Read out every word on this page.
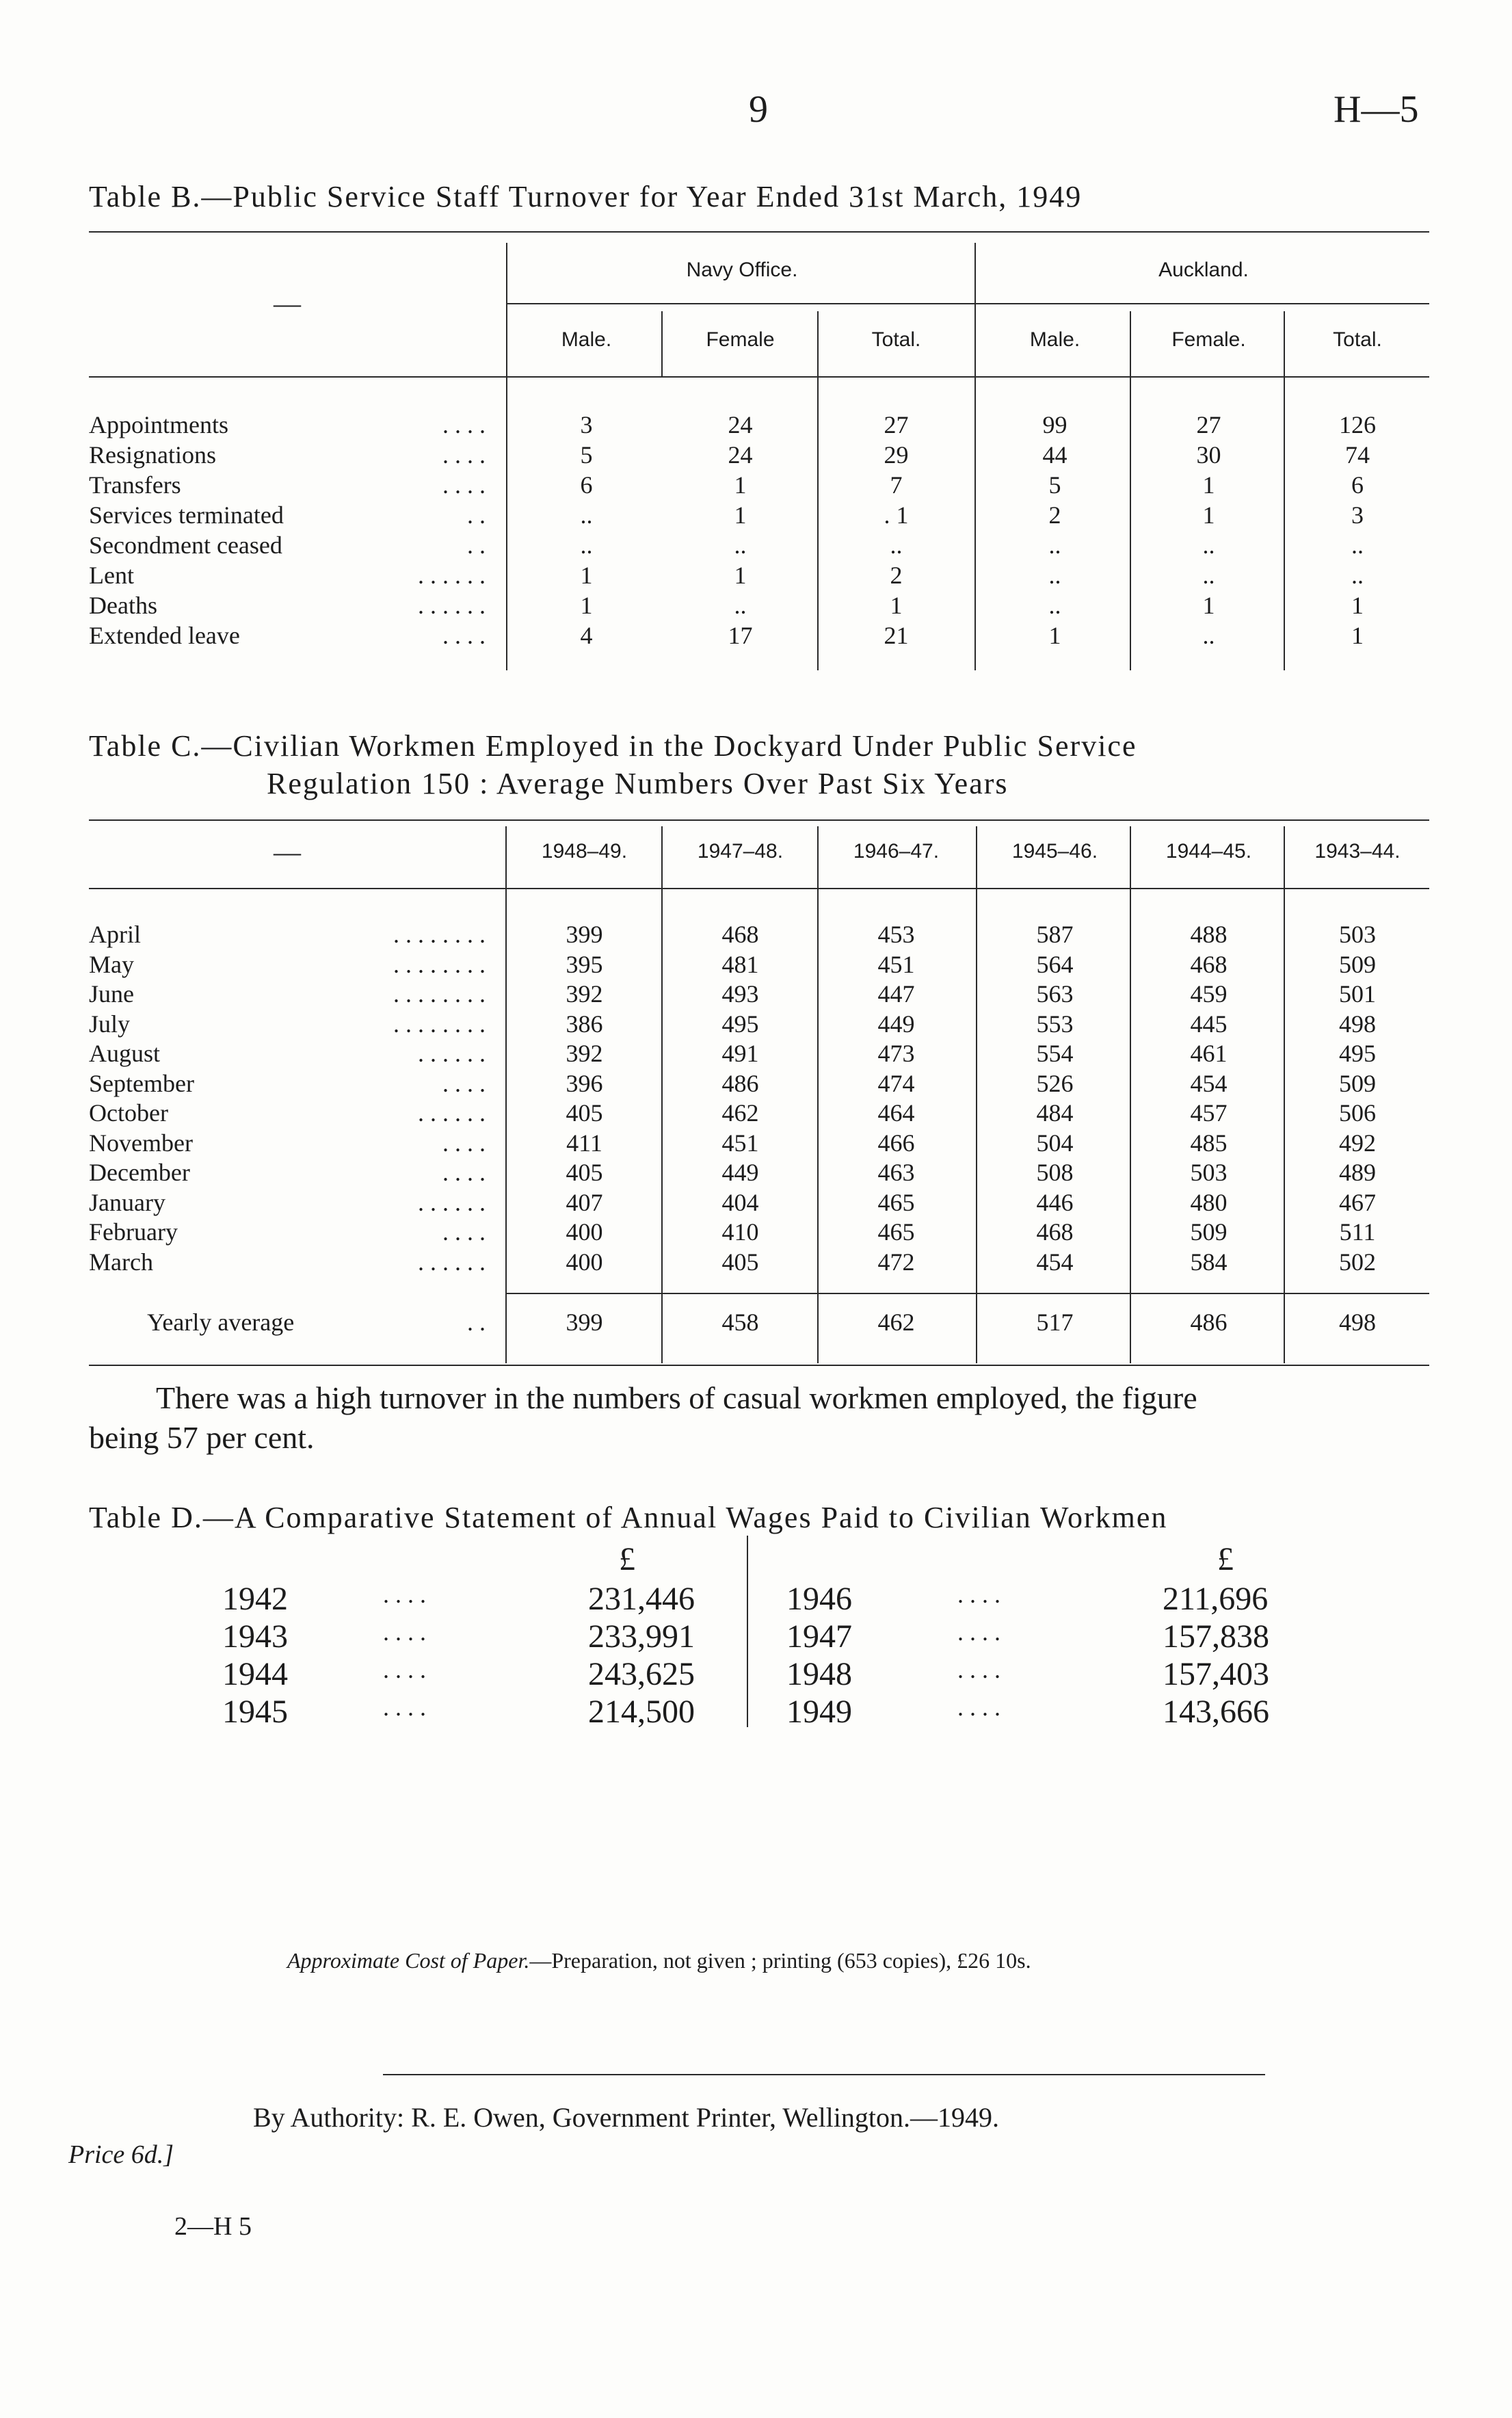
9	H—5
Table B.—Public Service Staff Turnover for Year Ended 31st March, 1949
—
Navy Office.	Auckland.
Male.	Female	Total.	Male.	Female.	Total.
Appointments	. . . .	3	24	27	99	27	126
Resignations	. . . .	5	24	29	44	30	74
Transfers	. . . .	6	1	7	5	1	6
Services terminated	. .	..	1	. 1	2	1	3
Secondment ceased	. .	..	..	..	..	..	..
Lent	. . . . . .	1	1	2	..	..	..
Deaths	. . . . . .	1	..	1	..	1	1
Extended leave	. . . .	4	17	21	1	..	1
Table C.—Civilian Workmen Employed in the Dockyard Under Public Service
Regulation 150 : Average Numbers Over Past Six Years
—	1948–49.	1947–48.	1946–47.	1945–46.	1944–45.	1943–44.
April	. . . . . . . .	399	468	453	587	488	503
May	. . . . . . . .	395	481	451	564	468	509
June	. . . . . . . .	392	493	447	563	459	501
July	. . . . . . . .	386	495	449	553	445	498
August	. . . . . .	392	491	473	554	461	495
September	. . . .	396	486	474	526	454	509
October	. . . . . .	405	462	464	484	457	506
November	. . . .	411	451	466	504	485	492
December	. . . .	405	449	463	508	503	489
January	. . . . . .	407	404	465	446	480	467
February	. . . .	400	410	465	468	509	511
March	. . . . . .	400	405	472	454	584	502
Yearly average	. .	399	458	462	517	486	498
There was a high turnover in the numbers of casual workmen employed, the figure
being 57 per cent.
Table D.—A Comparative Statement of Annual Wages Paid to Civilian Workmen
£	£
1942	. . . .	231,446
1943	. . . .	233,991
1944	. . . .	243,625
1945	. . . .	214,500
1946	. . . .	211,696
1947	. . . .	157,838
1948	. . . .	157,403
1949	. . . .	143,666
Approximate Cost of Paper.—Preparation, not given ; printing (653 copies), £26 10s.
By Authority: R. E. Owen, Government Printer, Wellington.—1949.
Price 6d.]
2—H 5
